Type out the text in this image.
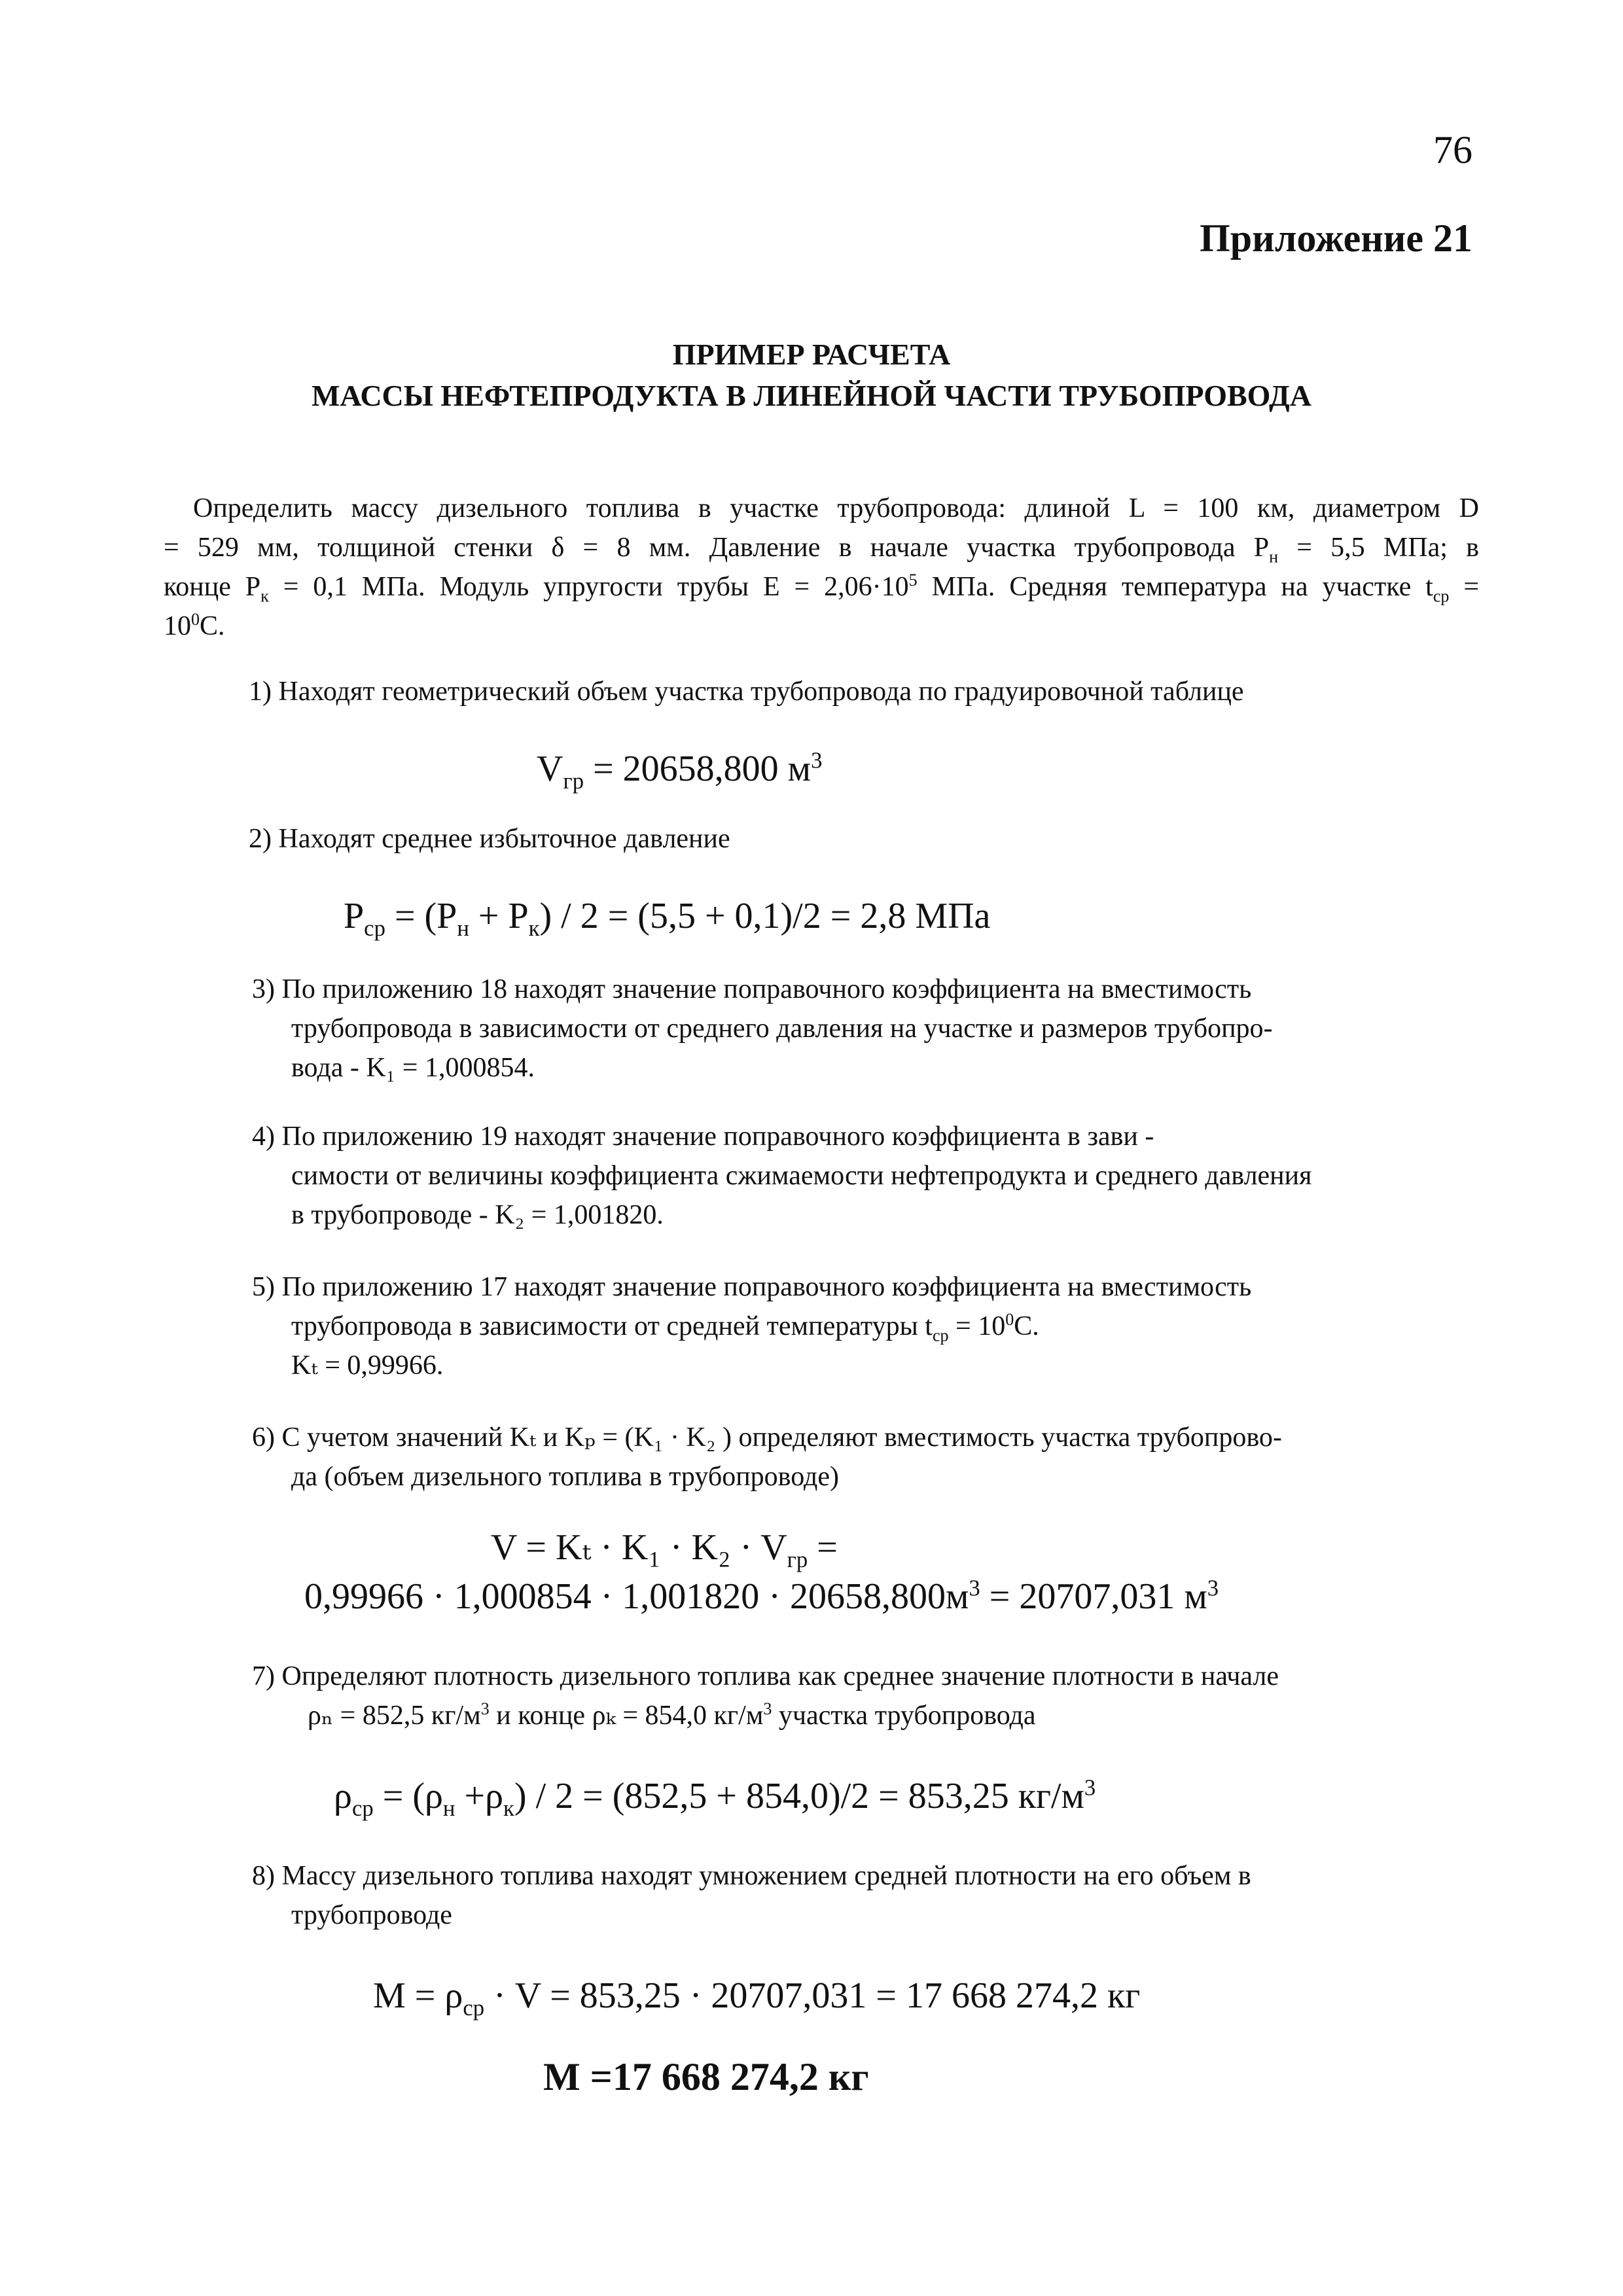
76
Приложение 21
ПРИМЕР РАСЧЕТА
МАССЫ НЕФТЕПРОДУКТА В ЛИНЕЙНОЙ ЧАСТИ ТРУБОПРОВОДА
Определить массу дизельного топлива в участке трубопровода: длиной L = 100 км, диаметром D
= 529 мм, толщиной стенки δ = 8 мм. Давление в начале участка трубопровода $P_н = 5,5$ МПа; в
конце $P_к = 0,1$ МПа. Модуль упругости трубы $E = 2,06\cdot 10^5$ МПа. Средняя температура на участке $t_{ср}$ =
$10^0С$.
1) Находят геометрический объем участка трубопровода по градуировочной таблице
$V_{гр} = 20658,800$ $м^3$
2) Находят среднее избыточное давление
$P_{ср} = (P_н + P_к) / 2 = (5,5 + 0,1)/2 = 2,8$ МПа
3) По приложению 18 находят значение поправочного коэффициента на вместимость
трубопровода в зависимости от среднего давления на участке и размеров трубопро-
вода - K₁ = 1,000854.
4) По приложению 19 находят значение поправочного коэффициента в зави -
симости от величины коэффициента сжимаемости нефтепродукта и среднего давления
в трубопроводе - K₂ = 1,001820.
5) По приложению 17 находят значение поправочного коэффициента на вместимость
трубопровода в зависимости от средней температуры $t_{ср} = 10^0С$.
Kₜ = 0,99966.
6) С учетом значений Kₜ и Kₚ = (K₁ · K₂ ) определяют вместимость участка трубопрово-
да (объем дизельного топлива в трубопроводе)
$V = K_t \cdot K_1 \cdot K_2 \cdot V_{гр}$ =
$0,99966 \cdot 1,000854 \cdot 1,001820 \cdot 20658,800м^3 = 20707,031$ $м^3$
7) Определяют плотность дизельного топлива как среднее значение плотности в начале
ρₙ = 852,5 $кг/м^3$ и конце ρₖ = 854,0 $кг/м^3$ участка трубопровода
$\rho_{ср} = (\rho_н +\rho_к) / 2 = (852,5 + 854,0)/2 = 853,25$ $кг/м^3$
8) Массу дизельного топлива находят умножением средней плотности на его объем в
трубопроводе
$M = \rho_{ср} \cdot V = 853,25 \cdot 20707,031 = 17$ 668 274,2 кг
M =17 668 274,2 кг
